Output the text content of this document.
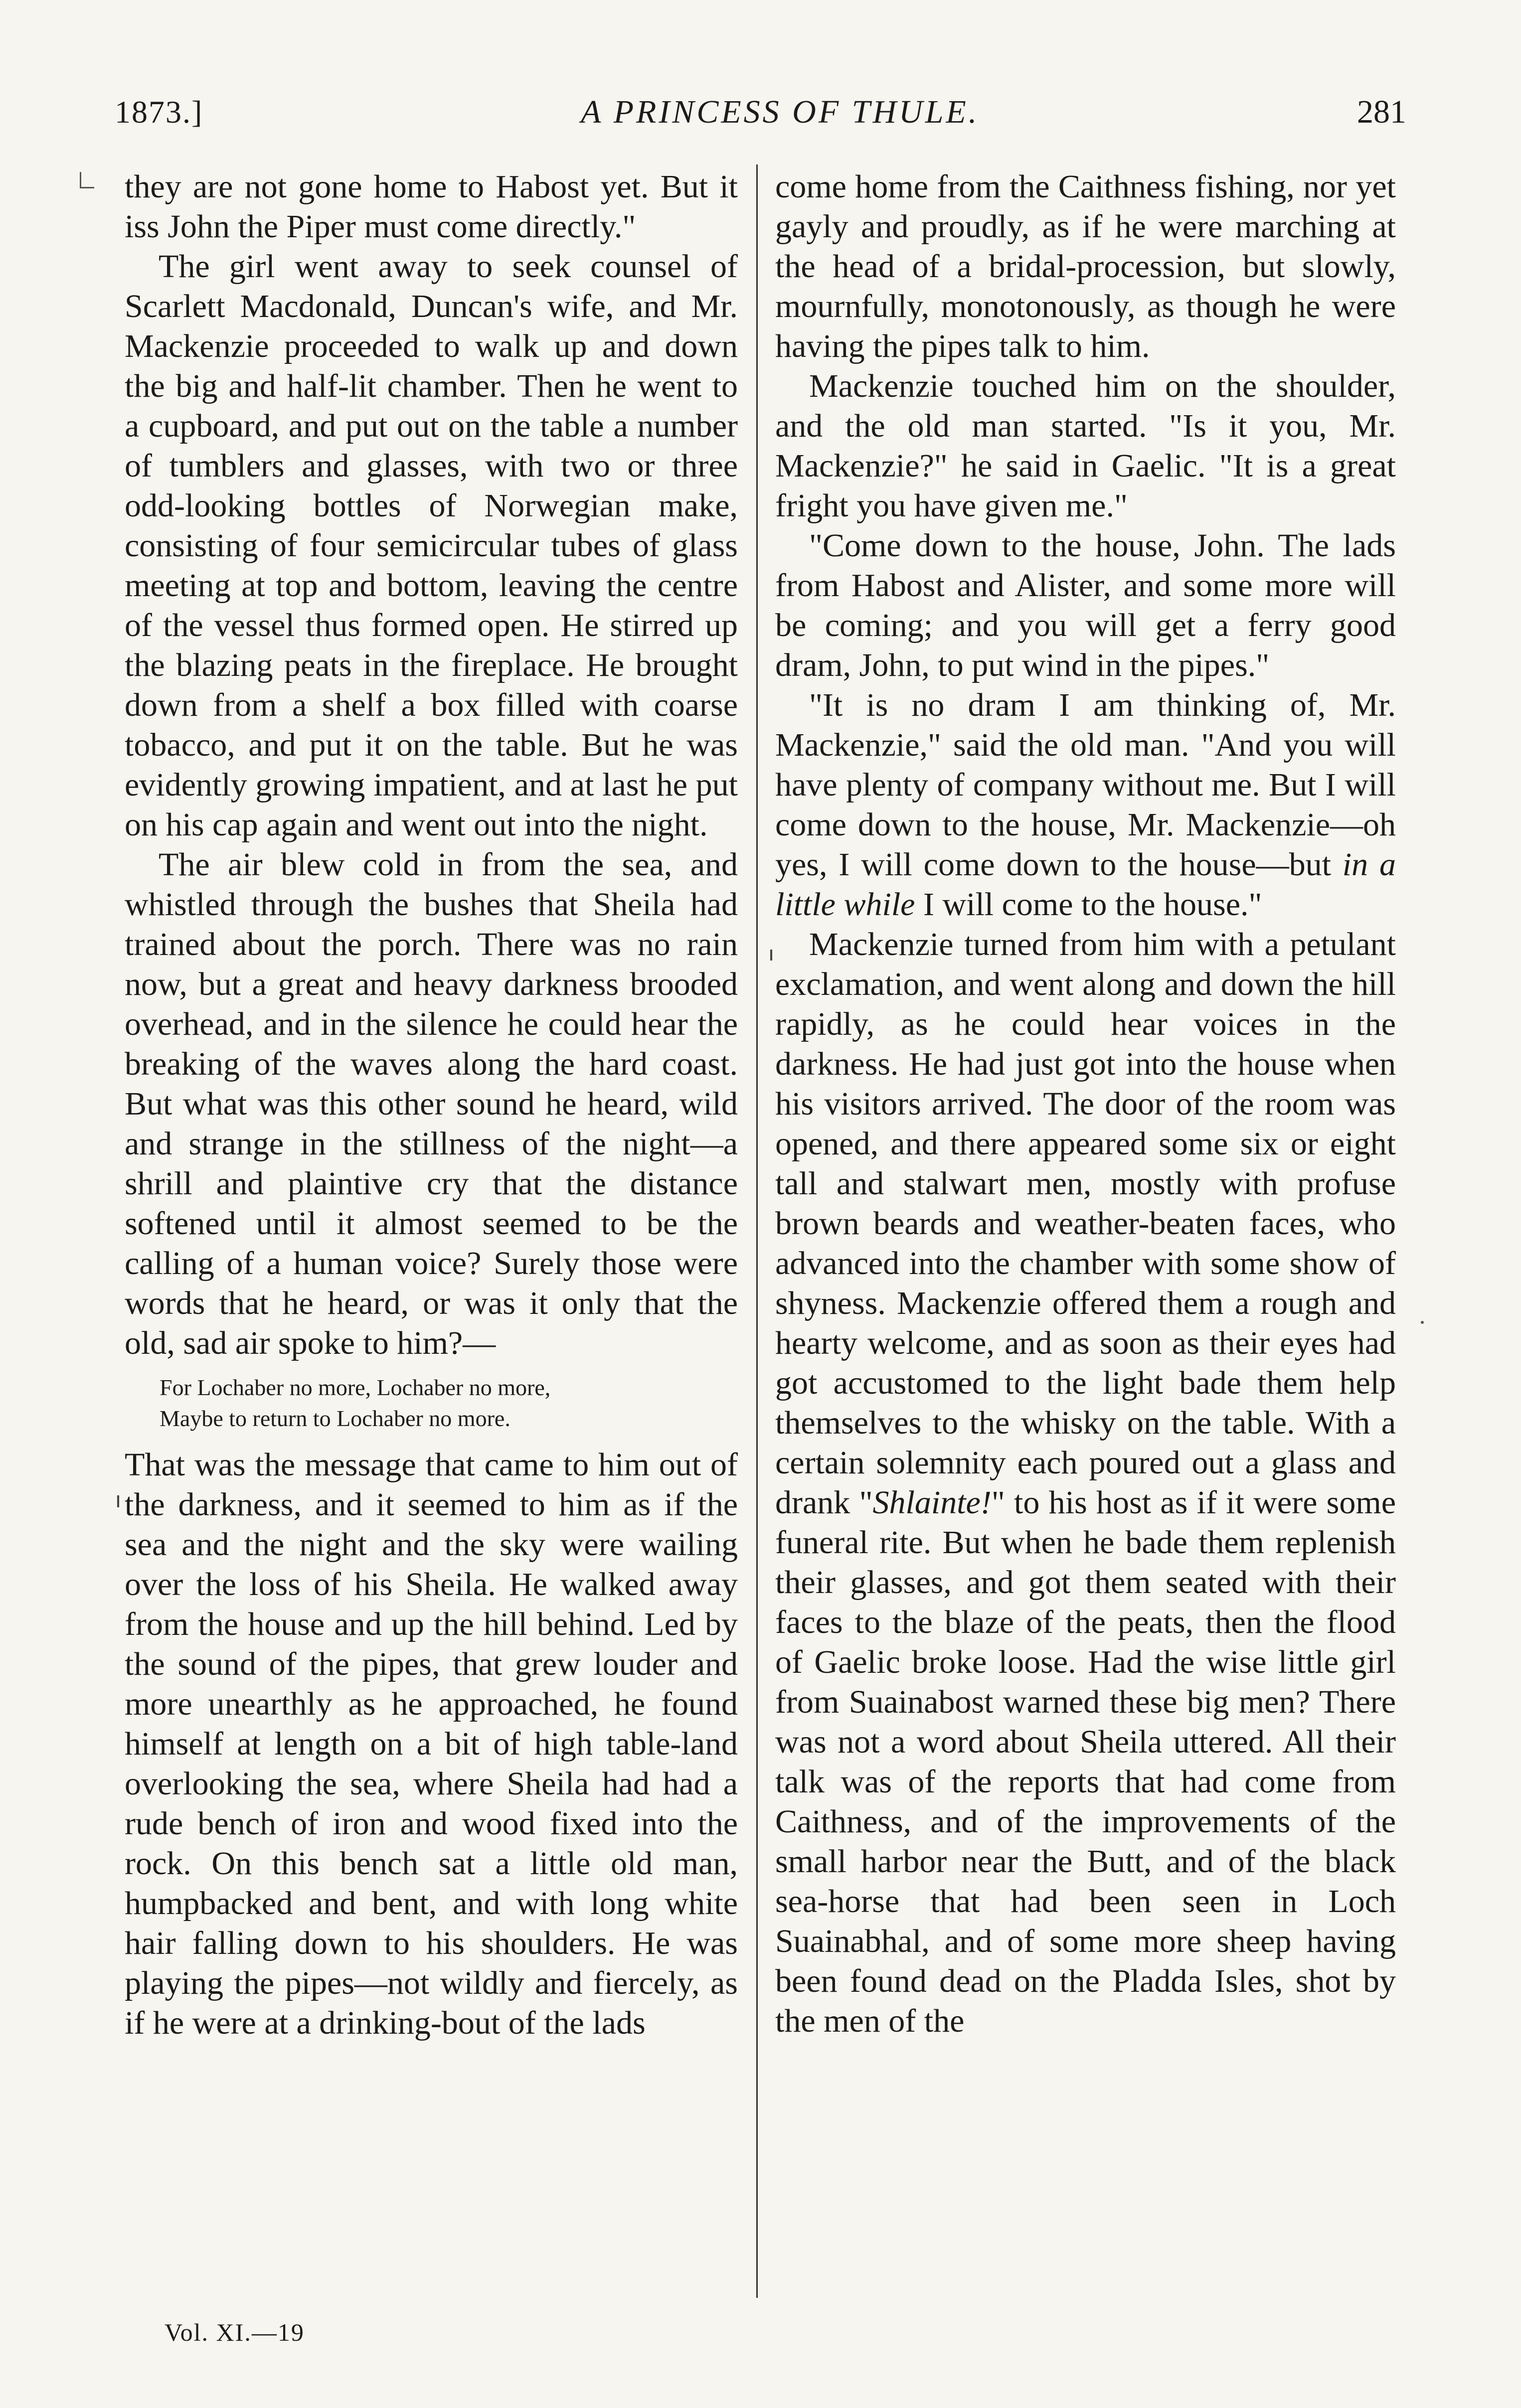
1873.]	A PRINCESS OF THULE.	281

they are not gone home to Habost yet. But it iss John the Piper must come directly."

The girl went away to seek counsel of Scarlett Macdonald, Duncan's wife, and Mr. Mackenzie proceeded to walk up and down the big and half-lit chamber. Then he went to a cupboard, and put out on the table a number of tumblers and glasses, with two or three odd-looking bottles of Norwegian make, consisting of four semicircular tubes of glass meeting at top and bottom, leaving the centre of the vessel thus formed open. He stirred up the blazing peats in the fireplace. He brought down from a shelf a box filled with coarse tobacco, and put it on the table. But he was evidently growing impatient, and at last he put on his cap again and went out into the night.

The air blew cold in from the sea, and whistled through the bushes that Sheila had trained about the porch. There was no rain now, but a great and heavy darkness brooded overhead, and in the silence he could hear the breaking of the waves along the hard coast. But what was this other sound he heard, wild and strange in the stillness of the night—a shrill and plaintive cry that the distance softened until it almost seemed to be the calling of a human voice? Surely those were words that he heard, or was it only that the old, sad air spoke to him?—

For Lochaber no more, Lochaber no more,
Maybe to return to Lochaber no more.

That was the message that came to him out of the darkness, and it seemed to him as if the sea and the night and the sky were wailing over the loss of his Sheila. He walked away from the house and up the hill behind. Led by the sound of the pipes, that grew louder and more unearthly as he approached, he found himself at length on a bit of high table-land overlooking the sea, where Sheila had had a rude bench of iron and wood fixed into the rock. On this bench sat a little old man, humpbacked and bent, and with long white hair falling down to his shoulders. He was playing the pipes—not wildly and fiercely, as if he were at a drinking-bout of the lads

come home from the Caithness fishing, nor yet gayly and proudly, as if he were marching at the head of a bridal-procession, but slowly, mournfully, monotonously, as though he were having the pipes talk to him.

Mackenzie touched him on the shoulder, and the old man started. "Is it you, Mr. Mackenzie?" he said in Gaelic. "It is a great fright you have given me."

"Come down to the house, John. The lads from Habost and Alister, and some more will be coming; and you will get a ferry good dram, John, to put wind in the pipes."

"It is no dram I am thinking of, Mr. Mackenzie," said the old man. "And you will have plenty of company without me. But I will come down to the house, Mr. Mackenzie—oh yes, I will come down to the house—but in a little while I will come to the house."

Mackenzie turned from him with a petulant exclamation, and went along and down the hill rapidly, as he could hear voices in the darkness. He had just got into the house when his visitors arrived. The door of the room was opened, and there appeared some six or eight tall and stalwart men, mostly with profuse brown beards and weather-beaten faces, who advanced into the chamber with some show of shyness. Mackenzie offered them a rough and hearty welcome, and as soon as their eyes had got accustomed to the light bade them help themselves to the whisky on the table. With a certain solemnity each poured out a glass and drank "Shlainte!" to his host as if it were some funeral rite. But when he bade them replenish their glasses, and got them seated with their faces to the blaze of the peats, then the flood of Gaelic broke loose. Had the wise little girl from Suainabost warned these big men? There was not a word about Sheila uttered. All their talk was of the reports that had come from Caithness, and of the improvements of the small harbor near the Butt, and of the black sea-horse that had been seen in Loch Suainabhal, and of some more sheep having been found dead on the Pladda Isles, shot by the men of the

Vol. XI.—19
